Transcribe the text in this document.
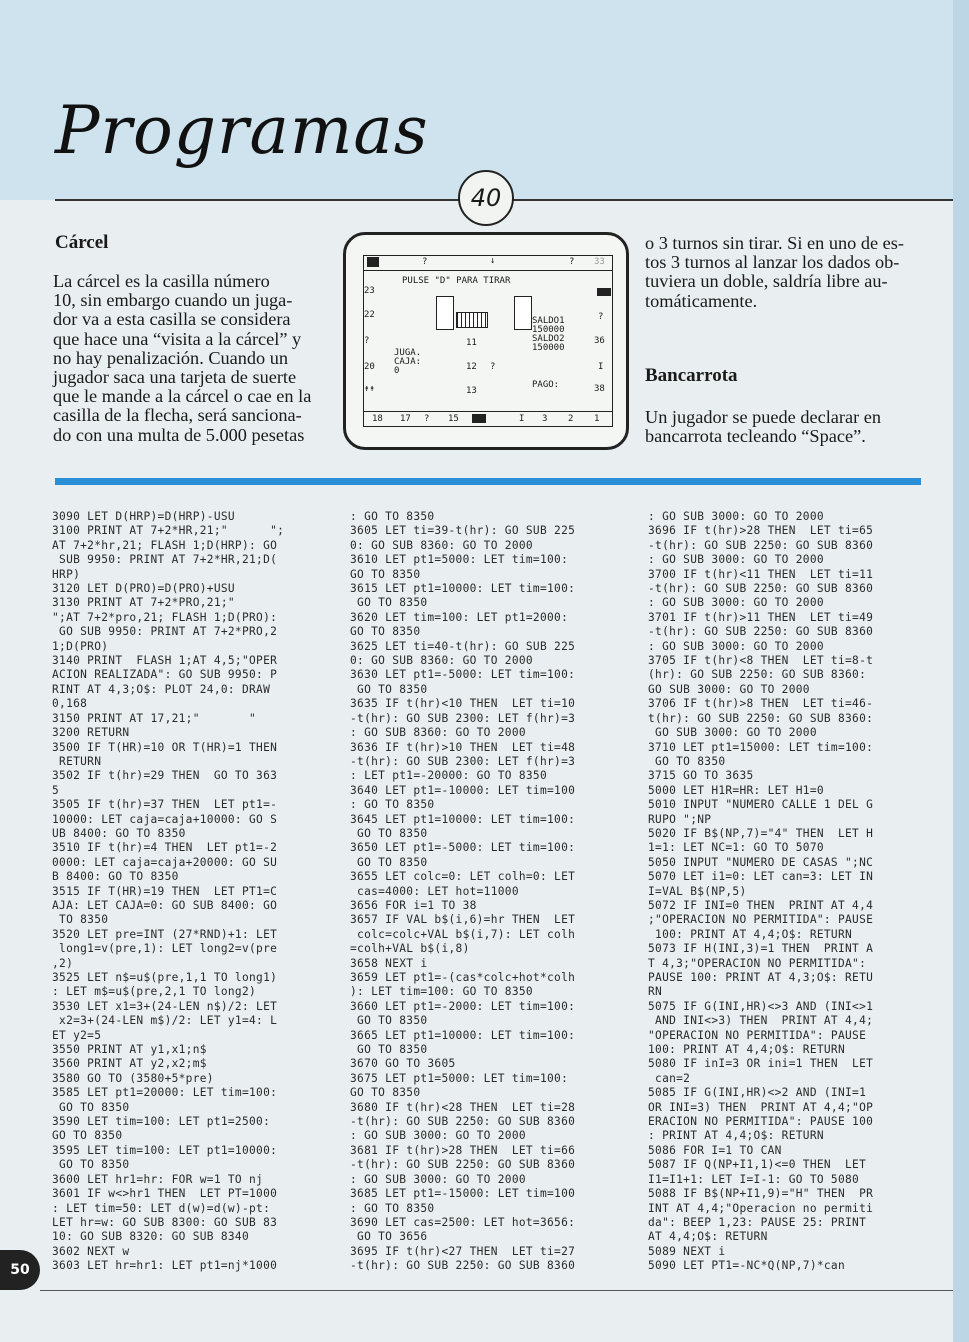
Programas
40
Cárcel
La cárcel es la casilla número
10, sin embargo cuando un juga-
dor va a esta casilla se considera
que hace una “visita a la cárcel” y
no hay penalización. Cuando un
jugador saca una tarjeta de suerte
que le mande a la cárcel o cae en la
casilla de la flecha, será sanciona-
do con una multa de 5.000 pesetas
o 3 turnos sin tirar. Si en uno de es-
tos 3 turnos al lanzar los dados ob-
tuviera un doble, saldría libre au-
tomáticamente.
Bancarrota
Un jugador se puede declarar en
bancarrota tecleando “Space”.
?	↓	? 33
PULSE "D" PARA TIRAR
23
22
?
20
↟↟
?
36
I
38
SALDO1
150000
SALDO2
150000
11
12 ?
13
JUGA.
CAJA:
0
PAGO:
18 17 ? 15	I 3 2 1
3090 LET D(HRP)=D(HRP)-USU
3100 PRINT AT 7+2*HR,21;"      ";
AT 7+2*hr,21; FLASH 1;D(HRP): GO
SUB 9950: PRINT AT 7+2*HR,21;D(
HRP)
3120 LET D(PRO)=D(PRO)+USU
3130 PRINT AT 7+2*PRO,21;"
";AT 7+2*pro,21; FLASH 1;D(PRO):
GO SUB 9950: PRINT AT 7+2*PRO,2
1;D(PRO)
3140 PRINT  FLASH 1;AT 4,5;"OPER
ACION REALIZADA": GO SUB 9950: P
RINT AT 4,3;O$: PLOT 24,0: DRAW
0,168
3150 PRINT AT 17,21;"       "
3200 RETURN
3500 IF T(HR)=10 OR T(HR)=1 THEN
RETURN
3502 IF t(hr)=29 THEN  GO TO 363
5
3505 IF t(hr)=37 THEN  LET pt1=-
10000: LET caja=caja+10000: GO S
UB 8400: GO TO 8350
3510 IF t(hr)=4 THEN  LET pt1=-2
0000: LET caja=caja+20000: GO SU
B 8400: GO TO 8350
3515 IF T(HR)=19 THEN  LET PT1=C
AJA: LET CAJA=0: GO SUB 8400: GO
TO 8350
3520 LET pre=INT (27*RND)+1: LET
long1=v(pre,1): LET long2=v(pre
,2)
3525 LET n$=u$(pre,1,1 TO long1)
: LET m$=u$(pre,2,1 TO long2)
3530 LET x1=3+(24-LEN n$)/2: LET
x2=3+(24-LEN m$)/2: LET y1=4: L
ET y2=5
3550 PRINT AT y1,x1;n$
3560 PRINT AT y2,x2;m$
3580 GO TO (3580+5*pre)
3585 LET pt1=20000: LET tim=100:
GO TO 8350
3590 LET tim=100: LET pt1=2500:
GO TO 8350
3595 LET tim=100: LET pt1=10000:
GO TO 8350
3600 LET hr1=hr: FOR w=1 TO nj
3601 IF w<>hr1 THEN  LET PT=1000
: LET tim=50: LET d(w)=d(w)-pt:
LET hr=w: GO SUB 8300: GO SUB 83
10: GO SUB 8320: GO SUB 8340
3602 NEXT w
3603 LET hr=hr1: LET pt1=nj*1000
: GO TO 8350
3605 LET ti=39-t(hr): GO SUB 225
0: GO SUB 8360: GO TO 2000
3610 LET pt1=5000: LET tim=100:
GO TO 8350
3615 LET pt1=10000: LET tim=100:
GO TO 8350
3620 LET tim=100: LET pt1=2000:
GO TO 8350
3625 LET ti=40-t(hr): GO SUB 225
0: GO SUB 8360: GO TO 2000
3630 LET pt1=-5000: LET tim=100:
GO TO 8350
3635 IF t(hr)<10 THEN  LET ti=10
-t(hr): GO SUB 2300: LET f(hr)=3
: GO SUB 8360: GO TO 2000
3636 IF t(hr)>10 THEN  LET ti=48
-t(hr): GO SUB 2300: LET f(hr)=3
: LET pt1=-20000: GO TO 8350
3640 LET pt1=-10000: LET tim=100
: GO TO 8350
3645 LET pt1=10000: LET tim=100:
GO TO 8350
3650 LET pt1=-5000: LET tim=100:
GO TO 8350
3655 LET colc=0: LET colh=0: LET
cas=4000: LET hot=11000
3656 FOR i=1 TO 38
3657 IF VAL b$(i,6)=hr THEN  LET
colc=colc+VAL b$(i,7): LET colh
=colh+VAL b$(i,8)
3658 NEXT i
3659 LET pt1=-(cas*colc+hot*colh
): LET tim=100: GO TO 8350
3660 LET pt1=-2000: LET tim=100:
GO TO 8350
3665 LET pt1=10000: LET tim=100:
GO TO 8350
3670 GO TO 3605
3675 LET pt1=5000: LET tim=100:
GO TO 8350
3680 IF t(hr)<28 THEN  LET ti=28
-t(hr): GO SUB 2250: GO SUB 8360
: GO SUB 3000: GO TO 2000
3681 IF t(hr)>28 THEN  LET ti=66
-t(hr): GO SUB 2250: GO SUB 8360
: GO SUB 3000: GO TO 2000
3685 LET pt1=-15000: LET tim=100
: GO TO 8350
3690 LET cas=2500: LET hot=3656:
GO TO 3656
3695 IF t(hr)<27 THEN  LET ti=27
-t(hr): GO SUB 2250: GO SUB 8360
: GO SUB 3000: GO TO 2000
3696 IF t(hr)>28 THEN  LET ti=65
-t(hr): GO SUB 2250: GO SUB 8360
: GO SUB 3000: GO TO 2000
3700 IF t(hr)<11 THEN  LET ti=11
-t(hr): GO SUB 2250: GO SUB 8360
: GO SUB 3000: GO TO 2000
3701 IF t(hr)>11 THEN  LET ti=49
-t(hr): GO SUB 2250: GO SUB 8360
: GO SUB 3000: GO TO 2000
3705 IF t(hr)<8 THEN  LET ti=8-t
(hr): GO SUB 2250: GO SUB 8360:
GO SUB 3000: GO TO 2000
3706 IF t(hr)>8 THEN  LET ti=46-
t(hr): GO SUB 2250: GO SUB 8360:
GO SUB 3000: GO TO 2000
3710 LET pt1=15000: LET tim=100:
GO TO 8350
3715 GO TO 3635
5000 LET H1R=HR: LET H1=0
5010 INPUT "NUMERO CALLE 1 DEL G
RUPO ";NP
5020 IF B$(NP,7)="4" THEN  LET H
1=1: LET NC=1: GO TO 5070
5050 INPUT "NUMERO DE CASAS ";NC
5070 LET i1=0: LET can=3: LET IN
I=VAL B$(NP,5)
5072 IF INI=0 THEN  PRINT AT 4,4
;"OPERACION NO PERMITIDA": PAUSE
100: PRINT AT 4,4;O$: RETURN
5073 IF H(INI,3)=1 THEN  PRINT A
T 4,3;"OPERACION NO PERMITIDA":
PAUSE 100: PRINT AT 4,3;O$: RETU
RN
5075 IF G(INI,HR)<>3 AND (INI<>1
AND INI<>3) THEN  PRINT AT 4,4;
"OPERACION NO PERMITIDA": PAUSE
100: PRINT AT 4,4;O$: RETURN
5080 IF inI=3 OR ini=1 THEN  LET
can=2
5085 IF G(INI,HR)<>2 AND (INI=1
OR INI=3) THEN  PRINT AT 4,4;"OP
ERACION NO PERMITIDA": PAUSE 100
: PRINT AT 4,4;O$: RETURN
5086 FOR I=1 TO CAN
5087 IF Q(NP+I1,1)<=0 THEN  LET
I1=I1+1: LET I=I-1: GO TO 5080
5088 IF B$(NP+I1,9)="H" THEN  PR
INT AT 4,4;"Operacion no permiti
da": BEEP 1,23: PAUSE 25: PRINT
AT 4,4;O$: RETURN
5089 NEXT i
5090 LET PT1=-NC*Q(NP,7)*can
50
